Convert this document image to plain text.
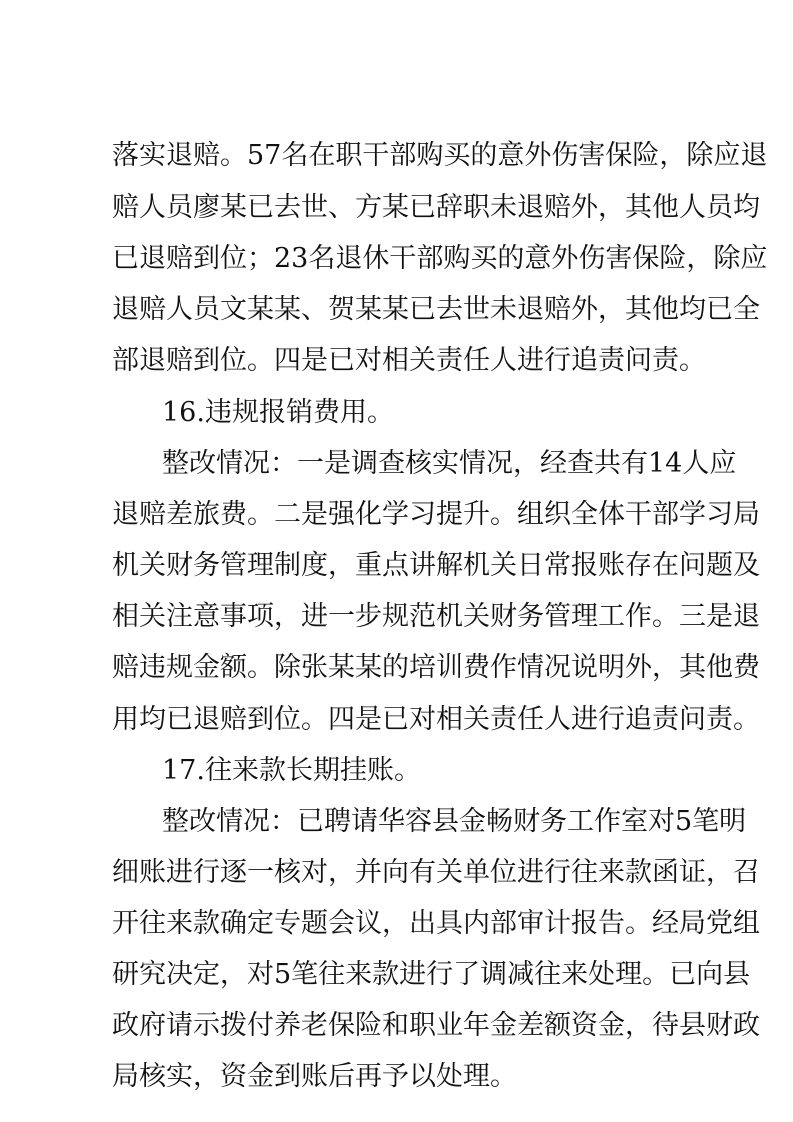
落实退赔。57名在职干部购买的意外伤害保险，除应退
赔人员廖某已去世、方某已辞职未退赔外，其他人员均
已退赔到位；23名退休干部购买的意外伤害保险，除应
退赔人员文某某、贺某某已去世未退赔外，其他均已全
部退赔到位。四是已对相关责任人进行追责问责。
16.违规报销费用。
整改情况：一是调查核实情况，经查共有14人应
退赔差旅费。二是强化学习提升。组织全体干部学习局
机关财务管理制度，重点讲解机关日常报账存在问题及
相关注意事项，进一步规范机关财务管理工作。三是退
赔违规金额。除张某某的培训费作情况说明外，其他费
用均已退赔到位。四是已对相关责任人进行追责问责。
17.往来款长期挂账。
整改情况：已聘请华容县金畅财务工作室对5笔明
细账进行逐一核对，并向有关单位进行往来款函证，召
开往来款确定专题会议，出具内部审计报告。经局党组
研究决定，对5笔往来款进行了调减往来处理。已向县
政府请示拨付养老保险和职业年金差额资金，待县财政
局核实，资金到账后再予以处理。
